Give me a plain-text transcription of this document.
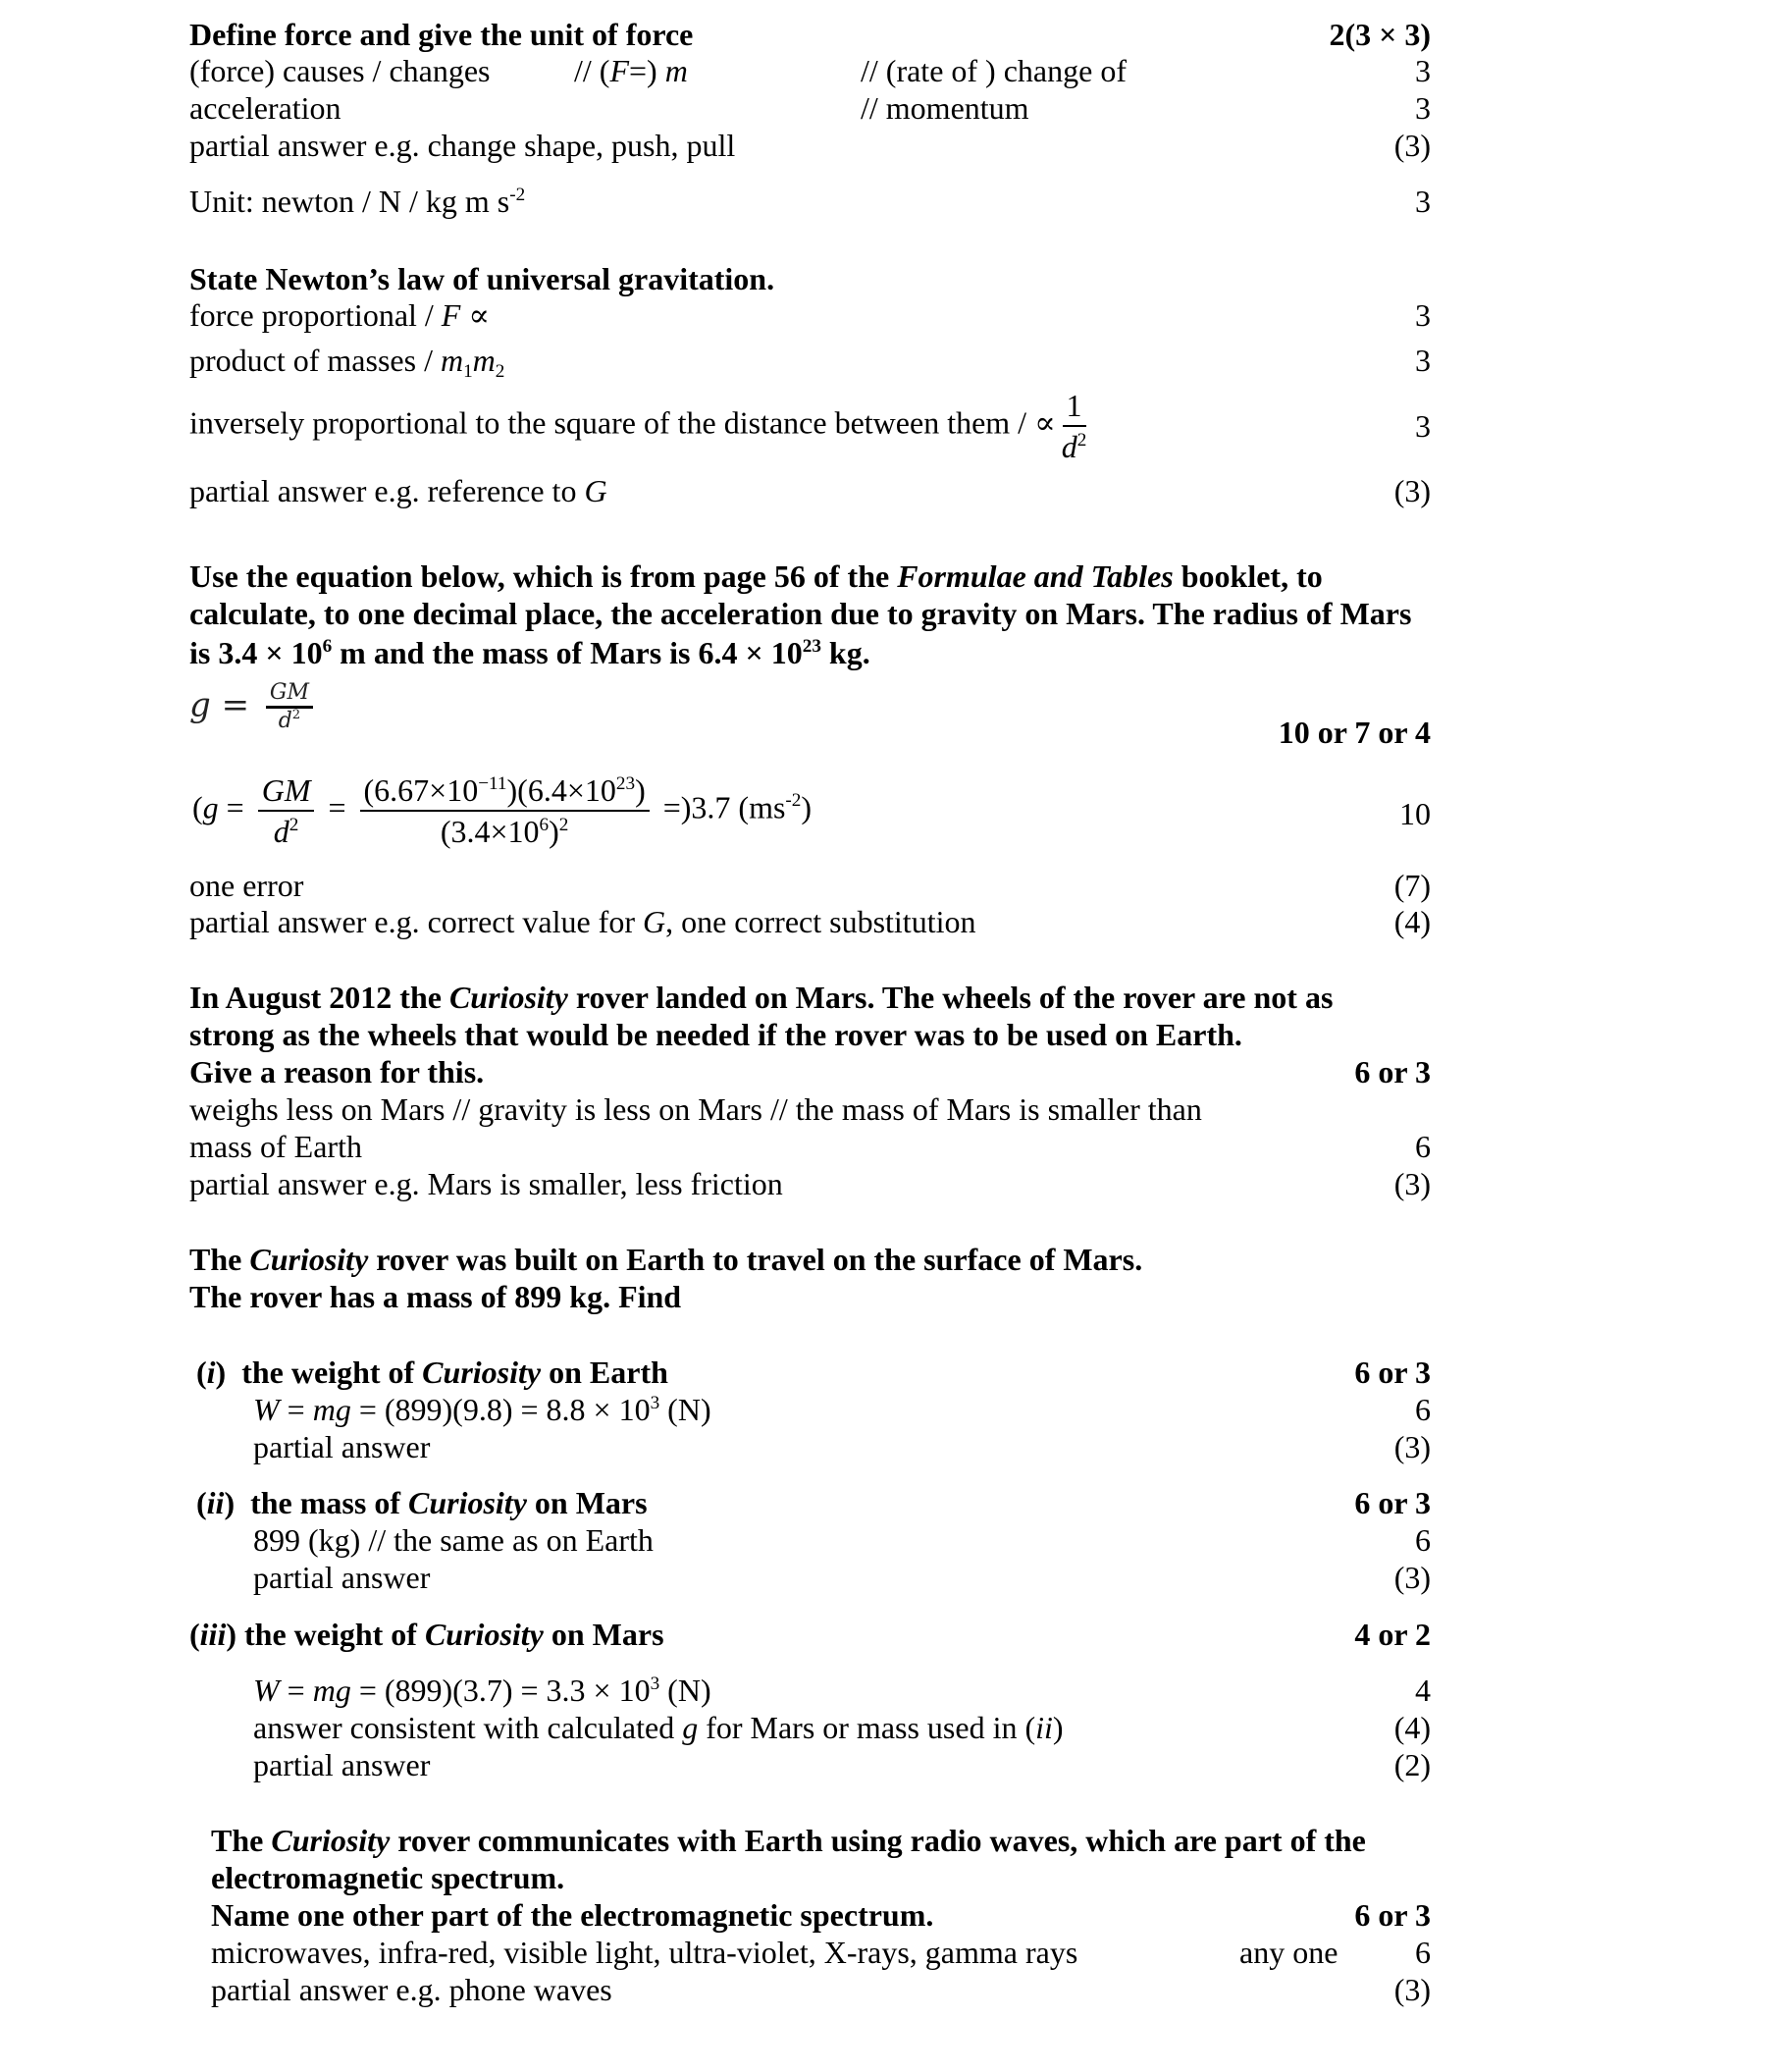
Define force and give the unit of force	2(3 × 3)
(force) causes / changes	// (F=) m	// (rate of ) change of	3
acceleration	// momentum	3
partial answer e.g. change shape, push, pull	(3)
Unit: newton / N / kg m $s^{-2}$	3
State Newton’s law of universal gravitation.
force proportional / F ∝	3
product of masses / $m_1m_2$	3
inversely proportional to the square of the distance between them / ∝ $\frac{1}{d^2}$	3
partial answer e.g. reference to G	(3)
Use the equation below, which is from page 56 of the Formulae and Tables booklet, to
calculate, to one decimal place, the acceleration due to gravity on Mars. The radius of Mars
is $3.4 \times 10^6$ m and the mass of Mars is $6.4 \times 10^{23}$ kg.
$g = \frac{GM}{d^2}$	10 or 7 or 4
$(g = \frac{GM}{d^2} = \frac{(6.67\times 10^{-11})(6.4\times 10^{23})}{(3.4\times 10^6)^2} =)3.7$ $(ms^{-2})$	10
one error	(7)
partial answer e.g. correct value for G, one correct substitution	(4)
In August 2012 the Curiosity rover landed on Mars. The wheels of the rover are not as
strong as the wheels that would be needed if the rover was to be used on Earth.
Give a reason for this.	6 or 3
weighs less on Mars // gravity is less on Mars // the mass of Mars is smaller than
mass of Earth	6
partial answer e.g. Mars is smaller, less friction	(3)
The Curiosity rover was built on Earth to travel on the surface of Mars.
The rover has a mass of 899 kg. Find
(i)  the weight of Curiosity on Earth	6 or 3
W = mg = $(899)(9.8) = 8.8 \times 10^3$ (N)	6
partial answer	(3)
(ii)  the mass of Curiosity on Mars	6 or 3
899 (kg) // the same as on Earth	6
partial answer	(3)
(iii) the weight of Curiosity on Mars	4 or 2
W = mg = $(899)(3.7) = 3.3 \times 10^3$ (N)	4
answer consistent with calculated g for Mars or mass used in (ii)	(4)
partial answer	(2)
The Curiosity rover communicates with Earth using radio waves, which are part of the
electromagnetic spectrum.
Name one other part of the electromagnetic spectrum.	6 or 3
microwaves, infra-red, visible light, ultra-violet, X-rays, gamma rays	any one 6
partial answer e.g. phone waves	(3)
